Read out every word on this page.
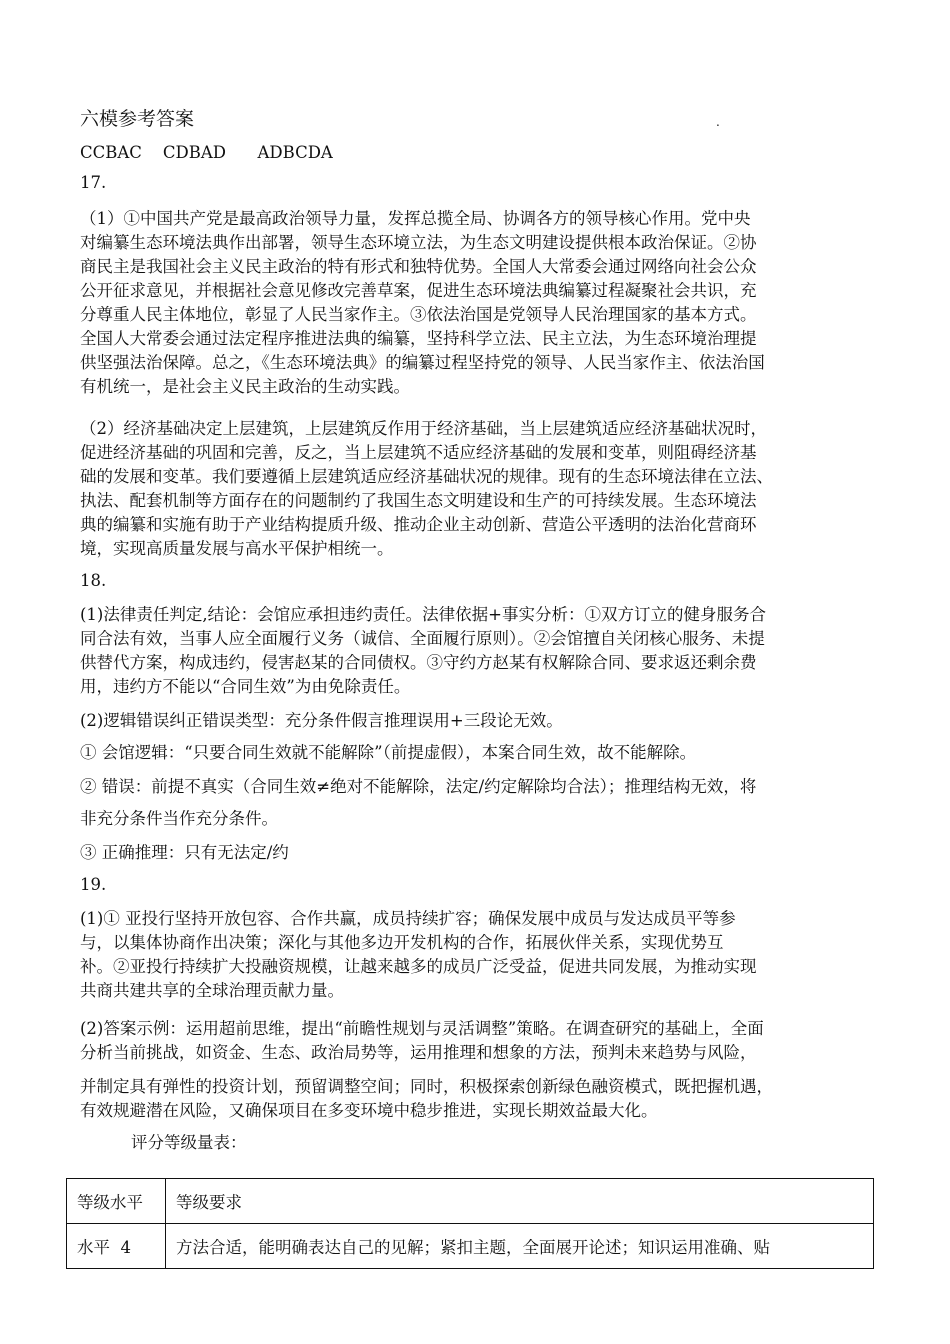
六模参考答案	.
CCBAC    CDBAD      ADBCDA
17.
（1）①中国共产党是最高政治领导力量，发挥总揽全局、协调各方的领导核心作用。党中央
对编纂生态环境法典作出部署，领导生态环境立法，为生态文明建设提供根本政治保证。②协
商民主是我国社会主义民主政治的特有形式和独特优势。全国人大常委会通过网络向社会公众
公开征求意见，并根据社会意见修改完善草案，促进生态环境法典编纂过程凝聚社会共识，充
分尊重人民主体地位，彰显了人民当家作主。③依法治国是党领导人民治理国家的基本方式。
全国人大常委会通过法定程序推进法典的编纂，坚持科学立法、民主立法，为生态环境治理提
供坚强法治保障。总之，《生态环境法典》的编纂过程坚持党的领导、人民当家作主、依法治国
有机统一，是社会主义民主政治的生动实践。
（2）经济基础决定上层建筑，上层建筑反作用于经济基础，当上层建筑适应经济基础状况时，
促进经济基础的巩固和完善，反之，当上层建筑不适应经济基础的发展和变革，则阻碍经济基
础的发展和变革。我们要遵循上层建筑适应经济基础状况的规律。现有的生态环境法律在立法、
执法、配套机制等方面存在的问题制约了我国生态文明建设和生产的可持续发展。生态环境法
典的编纂和实施有助于产业结构提质升级、推动企业主动创新、营造公平透明的法治化营商环
境，实现高质量发展与高水平保护相统一。
18.
(1)法律责任判定,结论：会馆应承担违约责任。法律依据+事实分析：①双方订立的健身服务合
同合法有效，当事人应全面履行义务（诚信、全面履行原则）。②会馆擅自关闭核心服务、未提
供替代方案，构成违约，侵害赵某的合同债权。③守约方赵某有权解除合同、要求返还剩余费
用，违约方不能以“合同生效”为由免除责任。
(2)逻辑错误纠正错误类型：充分条件假言推理误用+三段论无效。
① 会馆逻辑：“只要合同生效就不能解除”（前提虚假），本案合同生效，故不能解除。
② 错误：前提不真实（合同生效≠绝对不能解除，法定/约定解除均合法）；推理结构无效，将
非充分条件当作充分条件。
③ 正确推理：只有无法定/约
19.
(1)① 亚投行坚持开放包容、合作共赢，成员持续扩容；确保发展中成员与发达成员平等参
与，以集体协商作出决策；深化与其他多边开发机构的合作，拓展伙伴关系，实现优势互
补。②亚投行持续扩大投融资规模，让越来越多的成员广泛受益，促进共同发展，为推动实现
共商共建共享的全球治理贡献力量。
(2)答案示例：运用超前思维，提出“前瞻性规划与灵活调整”策略。在调查研究的基础上，全面
分析当前挑战，如资金、生态、政治局势等，运用推理和想象的方法，预判未来趋势与风险，
并制定具有弹性的投资计划，预留调整空间；同时，积极探索创新绿色融资模式，既把握机遇，
有效规避潜在风险，又确保项目在多变环境中稳步推进，实现长期效益最大化。
评分等级量表：
等级水平	等级要求
水平  4	方法合适，能明确表达自己的见解；紧扣主题，全面展开论述；知识运用准确、贴
